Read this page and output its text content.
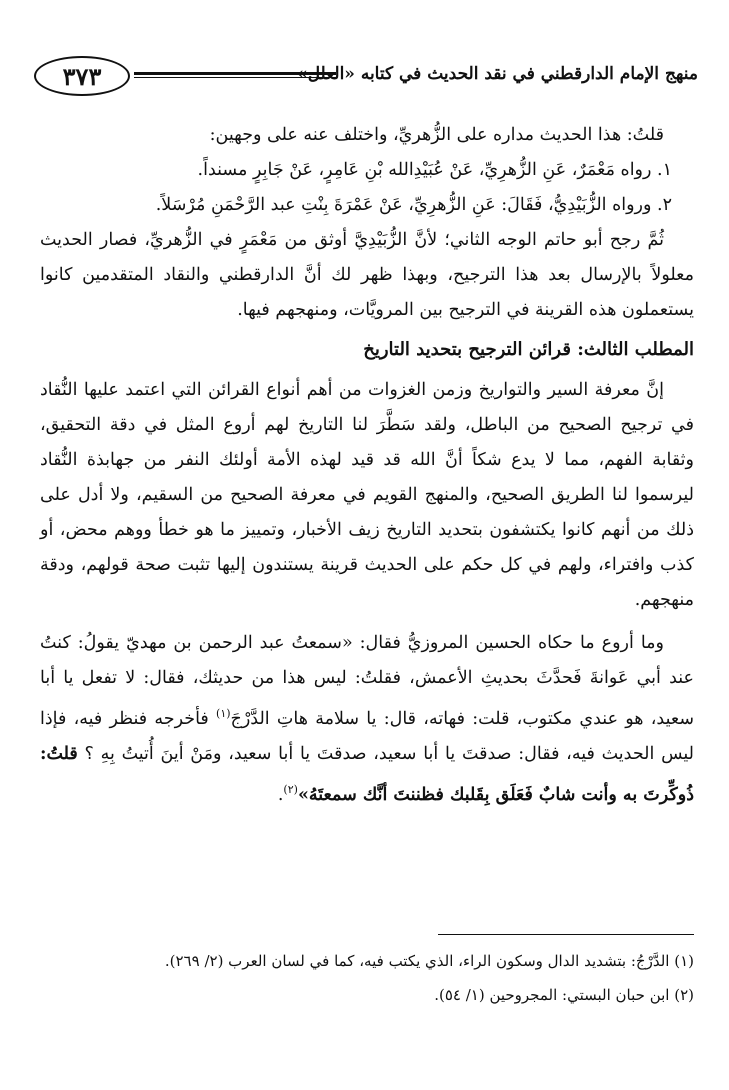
٣٧٣	منهج الإمام الدارقطني في نقد الحديث في كتابه «العلل»

قلتُ: هذا الحديث مداره على الزُّهريِّ، واختلف عنه على وجهين:

١. رواه مَعْمَرٌ، عَنِ الزُّهرِيِّ، عَنْ عُبَيْدِالله بْنِ عَامِرٍ، عَنْ جَابِرٍ مسنداً.

٢. ورواه الزُّبَيْدِيُّ، فَقَالَ: عَنِ الزُّهرِيِّ، عَنْ عَمْرَةَ بِنْتِ عبد الرَّحْمَنِ مُرْسَلاً.

ثُمَّ رجح أبو حاتم الوجه الثاني؛ لأنَّ الزُّبَيْدِيَّ أوثق من مَعْمَرٍ في الزُّهريِّ، فصار الحديث معلولاً بالإرسال بعد هذا الترجيح، وبهذا ظهر لك أنَّ الدارقطني والنقاد المتقدمين كانوا يستعملون هذه القرينة في الترجيح بين المرويَّات، ومنهجهم فيها.

المطلب الثالث: قرائن الترجيح بتحديد التاريخ

إنَّ معرفة السير والتواريخ وزمن الغزوات من أهم أنواع القرائن التي اعتمد عليها النُّقاد في ترجيح الصحيح من الباطل، ولقد سَطَّرَ لنا التاريخ لهم أروع المثل في دقة التحقيق، وثقابة الفهم، مما لا يدع شكاً أنَّ الله قد قيد لهذه الأمة أولئك النفر من جهابذة النُّقاد ليرسموا لنا الطريق الصحيح، والمنهج القويم في معرفة الصحيح من السقيم، ولا أدل على ذلك من أنهم كانوا يكتشفون بتحديد التاريخ زيف الأخبار، وتمييز ما هو خطأ ووهم محض، أو كذب وافتراء، ولهم في كل حكم على الحديث قرينة يستندون إليها تثبت صحة قولهم، ودقة منهجهم.

وما أروع ما حكاه الحسين المروزيُّ فقال: «سمعتُ عبد الرحمن بن مهديّ يقولُ: كنتُ عند أبي عَوانةَ فَحدَّثَ بحديثِ الأعمش، فقلتُ: ليس هذا من حديثك، فقال: لا تفعل يا أبا سعيد، هو عندي مكتوب، قلت: فهاته، قال: يا سلامة هاتِ الدَّرْجَ$^{(١)}$ فأخرجه فنظر فيه، فإذا ليس الحديث فيه، فقال: صدقتَ يا أبا سعيد، صدقتَ يا أبا سعيد، ومَنْ أينَ أُتيتُ بِهِ ؟ قلتُ: ذُوكِّرتَ به وأنت شابٌ فَعَلَق بِقَلبك فظننتَ أنَّك سمعتَهُ»$^{(٢)}$.

(١) الدَّرْجُ: بتشديد الدال وسكون الراء، الذي يكتب فيه، كما في لسان العرب (٢/ ٢٦٩).

(٢) ابن حبان البستي: المجروحين (١/ ٥٤).
